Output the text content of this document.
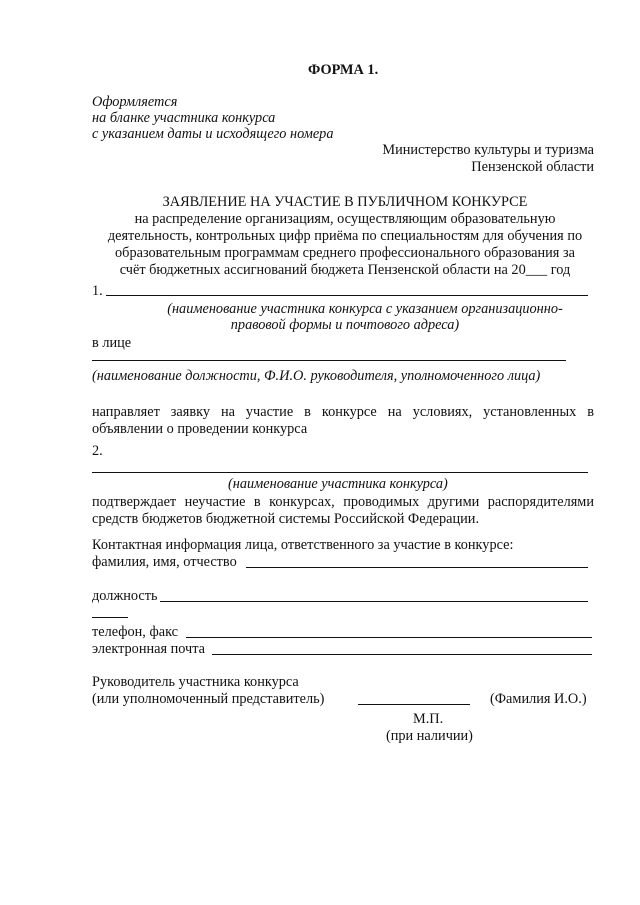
ФОРМА 1.
Оформляется
на бланке участника конкурса
с указанием даты и исходящего номера
Министерство культуры и туризма
Пензенской области
ЗАЯВЛЕНИЕ НА УЧАСТИЕ В ПУБЛИЧНОМ КОНКУРСЕ
на распределение организациям, осуществляющим образовательную
деятельность, контрольных цифр приёма по специальностям для обучения по
образовательным программам среднего профессионального образования за
счёт бюджетных ассигнований бюджета Пензенской области на 20___ год
1.
(наименование участника конкурса с указанием организационно-
правовой формы и почтового адреса)
в лице
(наименование должности, Ф.И.О. руководителя, уполномоченного лица)
направляет заявку на участие в конкурсе на условиях, установленных в
объявлении о проведении конкурса
2.
(наименование участника конкурса)
подтверждает неучастие в конкурсах, проводимых другими распорядителями
средств бюджетов бюджетной системы Российской Федерации.
Контактная информация лица, ответственного за участие в конкурсе:
фамилия, имя, отчество
должность
телефон, факс
электронная почта
Руководитель участника конкурса
(или уполномоченный представитель)	(Фамилия И.О.)
М.П.
(при наличии)
